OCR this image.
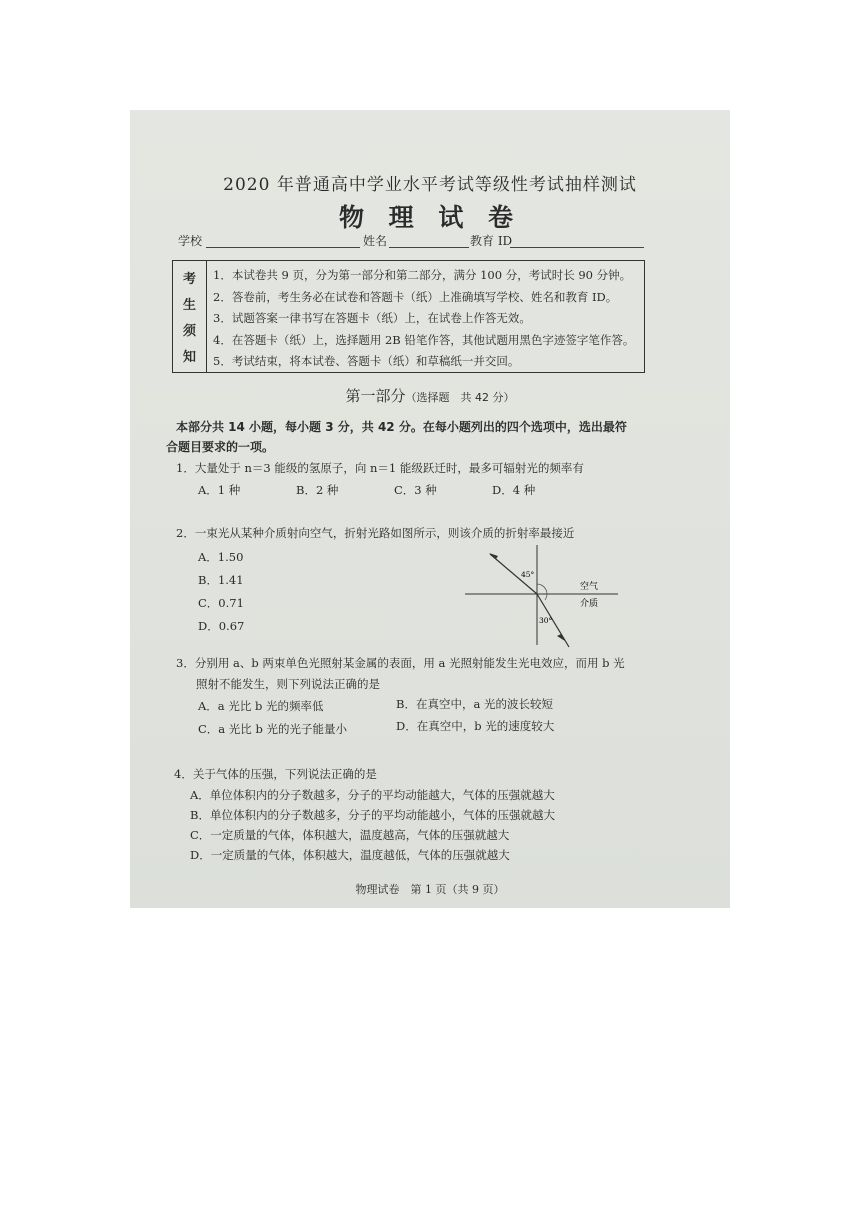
2020 年普通高中学业水平考试等级性考试抽样测试
物 理 试 卷
学校	姓名	教育 ID
考
生
须
知
1．本试卷共 9 页，分为第一部分和第二部分，满分 100 分，考试时长 90 分钟。
2．答卷前，考生务必在试卷和答题卡（纸）上准确填写学校、姓名和教育 ID。
3．试题答案一律书写在答题卡（纸）上，在试卷上作答无效。
4．在答题卡（纸）上，选择题用 2B 铅笔作答，其他试题用黑色字迹签字笔作答。
5．考试结束，将本试卷、答题卡（纸）和草稿纸一并交回。
第一部分（选择题　共 42 分）
本部分共 14 小题，每小题 3 分，共 42 分。在每小题列出的四个选项中，选出最符
合题目要求的一项。
1．大量处于 n＝3 能级的氢原子，向 n＝1 能级跃迁时，最多可辐射光的频率有
A．1 种	B．2 种	C．3 种	D．4 种
2．一束光从某种介质射向空气，折射光路如图所示，则该介质的折射率最接近
A．1.50
B．1.41
C．0.71
D．0.67
45°
30°
空气
介质
3．分别用 a、b 两束单色光照射某金属的表面，用 a 光照射能发生光电效应，而用 b 光
照射不能发生，则下列说法正确的是
A．a 光比 b 光的频率低	B．在真空中，a 光的波长较短
C．a 光比 b 光的光子能量小	D．在真空中，b 光的速度较大
4．关于气体的压强，下列说法正确的是
A．单位体积内的分子数越多，分子的平均动能越大，气体的压强就越大
B．单位体积内的分子数越多，分子的平均动能越小，气体的压强就越大
C．一定质量的气体，体积越大，温度越高，气体的压强就越大
D．一定质量的气体，体积越大，温度越低，气体的压强就越大
物理试卷　第 1 页（共 9 页）
